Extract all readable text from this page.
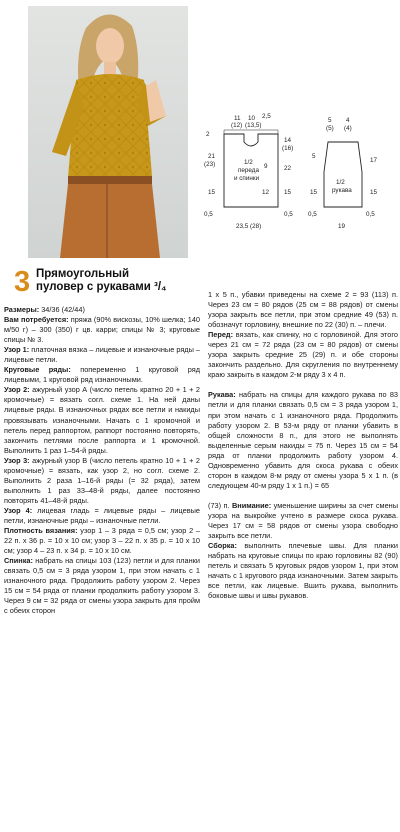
11 10 2,5
(12) (13,5)
2
21
(23)
15
1/2
переда
и спинки
9
12
14
(16)
22
15
0,5
23,5 (28)
0,5
5 4
(5) (4)
5
15
1/2
рукава
17
15
0,5
19
0,5
3 Прямоугольный
пуловер с рукавами ³/₄

Размеры: 34/36 (42/44)

Вам потребуется: пряжа (90% вискозы, 10% шелка; 140 м/50 г) – 300 (350) г цв. карри; спицы № 3; круговые спицы № 3.

Узор 1: платочная вязка – лицевые и изнаночные ряды – лицевые петли.

Круговые ряды: попеременно 1 круговой ряд лицевыми, 1 круговой ряд изнаночными.

Узор 2: ажурный узор А (число петель кратно 20 + 1 + 2 кромочные) = вязать согл. схеме 1. На ней даны лицевые ряды. В изнаночных рядах все петли и накиды провязывать изнаночными. Начать с 1 кромочной и петель перед раппортом, раппорт постоянно повторять, закончить петлями после раппорта и 1 кромочной. Выполнить 1 раз 1–54-й ряды.

Узор 3: ажурный узор В (число петель кратно 10 + 1 + 2 кромочные) = вязать, как узор 2, но согл. схеме 2. Выполнить 2 раза 1–16-й ряды (= 32 ряда), затем выполнить 1 раз 33–48-й ряды, далее постоянно повторять 41–48-й ряды.

Узор 4: лицевая гладь = лицевые ряды – лицевые петли, изнаночные ряды – изнаночные петли.

Плотность вязания: узор 1 – 3 ряда = 0,5 см; узор 2 – 22 п. х 36 р. = 10 х 10 см; узор 3 – 22 п. х 35 р. = 10 х 10 см; узор 4 – 23 п. х 34 р. = 10 х 10 см.

Спинка: набрать на спицы 103 (123) петли и для планки связать 0,5 см = 3 ряда узором 1, при этом начать с 1 изнаночного ряда. Продолжить работу узором 2. Через 15 см = 54 ряда от планки продолжить работу узором 3. Через 9 см = 32 ряда от смены узора закрыть для пройм с обеих сторон

1 х 5 п., убавки приведены на схеме 2 = 93 (113) п. Через 23 см = 80 рядов (25 см = 88 рядов) от смены узора закрыть все петли, при этом средние 49 (53) п. обозначут горловину, внешние по 22 (30) п. – плечи.

Перед: вязать, как спинку, но с горловиной. Для этого через 21 см = 72 ряда (23 см = 80 рядов) от смены узора закрыть средние 25 (29) п. и обе стороны закончить раздельно. Для скругления по внутреннему краю закрыть в каждом 2-м ряду 3 х 4 п.

Рукава: набрать на спицы для каждого рукава по 83 петли и для планки связать 0,5 см = 3 ряда узором 1, при этом начать с 1 изнаночного ряда. Продолжить работу узором 2. В 53-м ряду от планки убавить в общей сложности 8 п., для этого не выполнять выделенные серым накиды = 75 п. Через 15 см = 54 ряда от планки продолжить работу узором 4. Одновременно убавить для скоса рукава с обеих сторон в каждом 8-м ряду от смены узора 5 х 1 п. (в следующем 40-м ряду 1 х 1 п.) = 65

(73) п. Внимание: уменьшение ширины за счет смены узора на выкройке учтено в размере скоса рукава. Через 17 см = 58 рядов от смены узора свободно закрыть все петли.

Сборка: выполнить плечевые швы. Для планки набрать на круговые спицы по краю горловины 82 (90) петель и связать 5 круговых рядов узором 1, при этом начать с 1 кругового ряда изнаночными. Затем закрыть все петли, как лицевые. Вшить рукава, выполнить боковые швы и швы рукавов.
